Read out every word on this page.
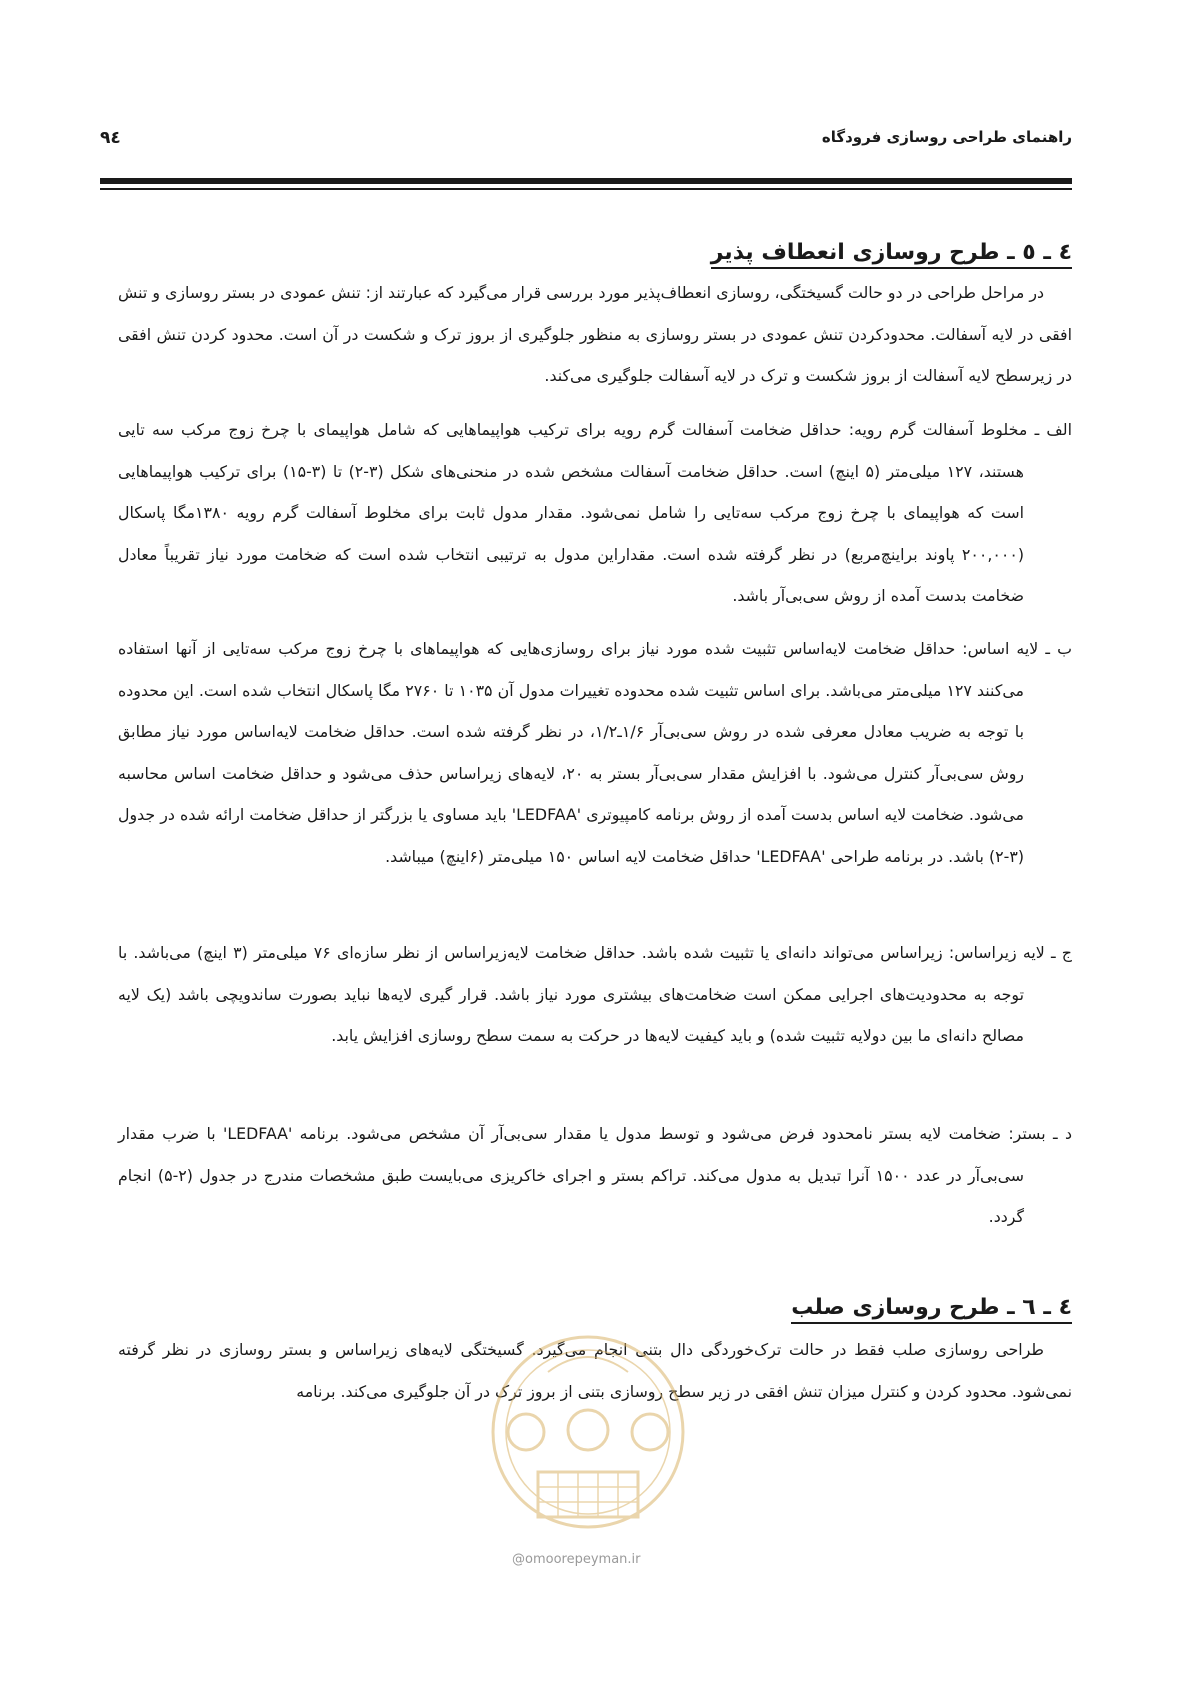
راهنمای طراحی روسازی فرودگاه
۹٤
٤ ـ ٥ ـ طرح روسازی انعطاف پذیر

در مراحل طراحی در دو حالت گسیختگی، روسازی انعطاف‌پذیر مورد بررسی قرار می‌گیرد که عبارتند از: تنش عمودی در بستر روسازی و تنش افقی در لایه آسفالت. محدودکردن تنش عمودی در بستر روسازی به منظور جلوگیری از بروز ترک و شکست در آن است. محدود کردن تنش افقی در زیرسطح لایه آسفالت از بروز شکست و ترک در لایه آسفالت جلوگیری می‌کند.

الف ـ مخلوط آسفالت گرم رویه: حداقل ضخامت آسفالت گرم رویه برای ترکیب هواپیماهایی که شامل هواپیمای با چرخ زوج مرکب سه تایی هستند، ۱۲۷ میلی‌متر (۵ اینچ) است. حداقل ضخامت آسفالت مشخص شده در منحنی‌های شکل (۳-۲) تا (۳-۱۵) برای ترکیب هواپیماهایی است که هواپیمای با چرخ زوج مرکب سه‌تایی را شامل نمی‌شود. مقدار مدول ثابت برای مخلوط آسفالت گرم رویه ۱۳۸۰مگا پاسکال (۲۰۰,۰۰۰ پاوند براینچ‌مربع) در نظر گرفته شده است. مقداراین مدول به ترتیبی انتخاب شده است که ضخامت مورد نیاز تقریباً معادل ضخامت بدست آمده از روش سی‌بی‌آر باشد.
ب ـ لایه اساس: حداقل ضخامت لایه‌اساس تثبیت شده مورد نیاز برای روسازی‌هایی که هواپیماهای با چرخ زوج مرکب سه‌تایی از آنها استفاده می‌کنند ۱۲۷ میلی‌متر می‌باشد. برای اساس تثبیت شده محدوده تغییرات مدول آن ۱۰۳۵ تا ۲۷۶۰ مگا پاسکال انتخاب شده است. این محدوده با توجه به ضریب معادل معرفی شده در روش سی‌بی‌آر ۱/۶ـ۱/۲، در نظر گرفته شده است. حداقل ضخامت لایه‌اساس مورد نیاز مطابق روش سی‌بی‌آر کنترل می‌شود. با افزایش مقدار سی‌بی‌آر بستر به ۲۰، لایه‌های زیراساس حذف می‌شود و حداقل ضخامت اساس محاسبه می‌شود. ضخامت لایه اساس بدست آمده از روش برنامه کامپیوتری 'LEDFAA' باید مساوی یا بزرگتر از حداقل ضخامت ارائه شده در جدول (۳-۲) باشد. در برنامه طراحی 'LEDFAA' حداقل ضخامت لایه اساس ۱۵۰ میلی‌متر (۶اینچ) میباشد.
ج ـ لایه زیراساس: زیراساس می‌تواند دانه‌ای یا تثبیت شده باشد. حداقل ضخامت لایه‌زیراساس از نظر سازه‌ای ۷۶ میلی‌متر (۳ اینچ) می‌باشد. با توجه به محدودیت‌های اجرایی ممکن است ضخامت‌های بیشتری مورد نیاز باشد. قرار گیری لایه‌ها نباید بصورت ساندویچی باشد (یک لایه مصالح دانه‌ای ما بین دولایه تثبیت شده) و باید کیفیت لایه‌ها در حرکت به سمت سطح روسازی افزایش یابد.
د ـ بستر: ضخامت لایه بستر نامحدود فرض می‌شود و توسط مدول یا مقدار سی‌بی‌آر آن مشخص می‌شود. برنامه 'LEDFAA' با ضرب مقدار سی‌بی‌آر در عدد ۱۵۰۰ آنرا تبدیل به مدول می‌کند. تراکم بستر و اجرای خاکریزی می‌بایست طبق مشخصات مندرج در جدول (۲-۵) انجام گردد.
٤ ـ ٦ ـ طرح روسازی صلب

طراحی روسازی صلب فقط در حالت ترک‌خوردگی دال بتنی انجام می‌گیرد. گسیختگی لایه‌های زیراساس و بستر روسازی در نظر گرفته نمی‌شود. محدود کردن و کنترل میزان تنش افقی در زیر سطح روسازی بتنی از بروز ترک در آن جلوگیری می‌کند. برنامه

@omoorepeyman.ir
